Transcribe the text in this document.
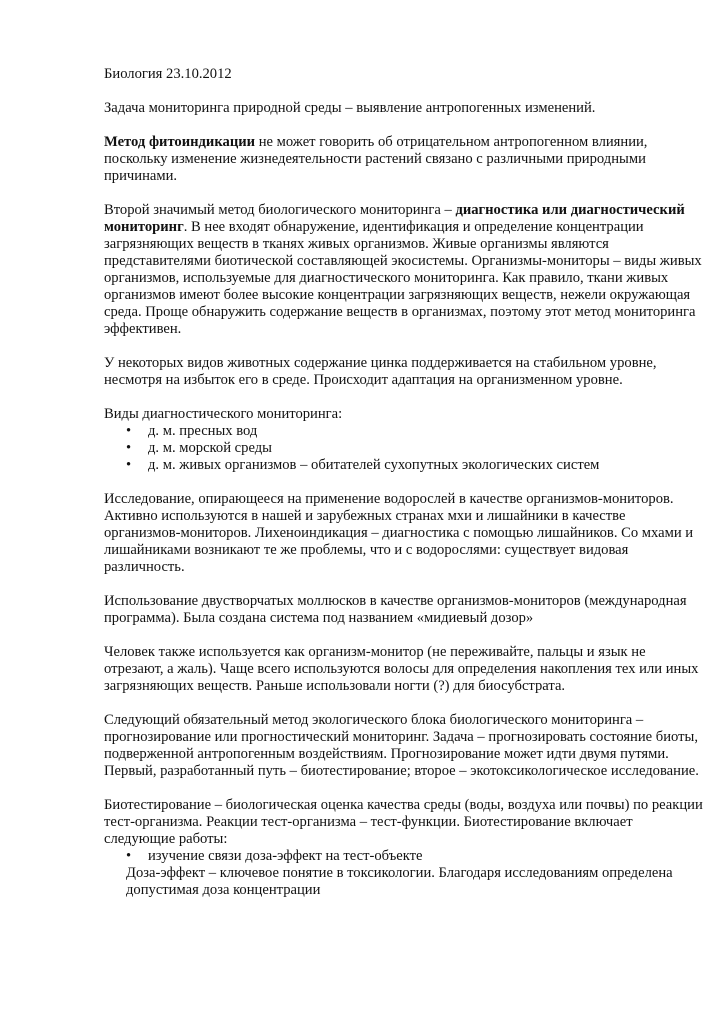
Биология 23.10.2012

Задача мониторинга природной среды – выявление антропогенных изменений.

Метод фитоиндикации не может говорить об отрицательном антропогенном влиянии, поскольку изменение жизнедеятельности растений связано с различными природными причинами.

Второй значимый метод биологического мониторинга – диагностика или диагностический мониторинг. В нее входят обнаружение, идентификация и определение концентрации загрязняющих веществ в тканях живых организмов. Живые организмы являются представителями биотической составляющей экосистемы. Организмы-мониторы – виды живых организмов, используемые для диагностического мониторинга. Как правило, ткани живых организмов имеют более высокие концентрации загрязняющих веществ, нежели окружающая среда. Проще обнаружить содержание веществ в организмах, поэтому этот метод мониторинга эффективен.

У некоторых видов животных содержание цинка поддерживается на стабильном уровне, несмотря на избыток его в среде. Происходит адаптация на организменном уровне.

Виды диагностического мониторинга:

• д. м. пресных вод
• д. м. морской среды
• д. м. живых организмов – обитателей сухопутных экологических систем

Исследование, опирающееся на применение водорослей в качестве организмов-мониторов. Активно используются в нашей и зарубежных странах мхи и лишайники в качестве организмов-мониторов. Лихеноиндикация – диагностика с помощью лишайников. Со мхами и лишайниками возникают те же проблемы, что и с водорослями: существует видовая различность.

Использование двустворчатых моллюсков в качестве организмов-мониторов (международная программа). Была создана система под названием «мидиевый дозор»

Человек также используется как организм-монитор (не переживайте, пальцы и язык не отрезают, а жаль). Чаще всего используются волосы для определения накопления тех или иных загрязняющих веществ. Раньше использовали ногти (?) для биосубстрата.

Следующий обязательный метод экологического блока биологического мониторинга – прогнозирование или прогностический мониторинг. Задача – прогнозировать состояние биоты, подверженной антропогенным воздействиям. Прогнозирование может идти двумя путями. Первый, разработанный путь – биотестирование; второе – экотоксикологическое исследование.

Биотестирование – биологическая оценка качества среды (воды, воздуха или почвы) по реакции тест-организма. Реакции тест-организма – тест-функции. Биотестирование включает следующие работы:

• изучение связи доза-эффект на тест-объекте

Доза-эффект – ключевое понятие в токсикологии. Благодаря исследованиям определена допустимая доза концентрации
